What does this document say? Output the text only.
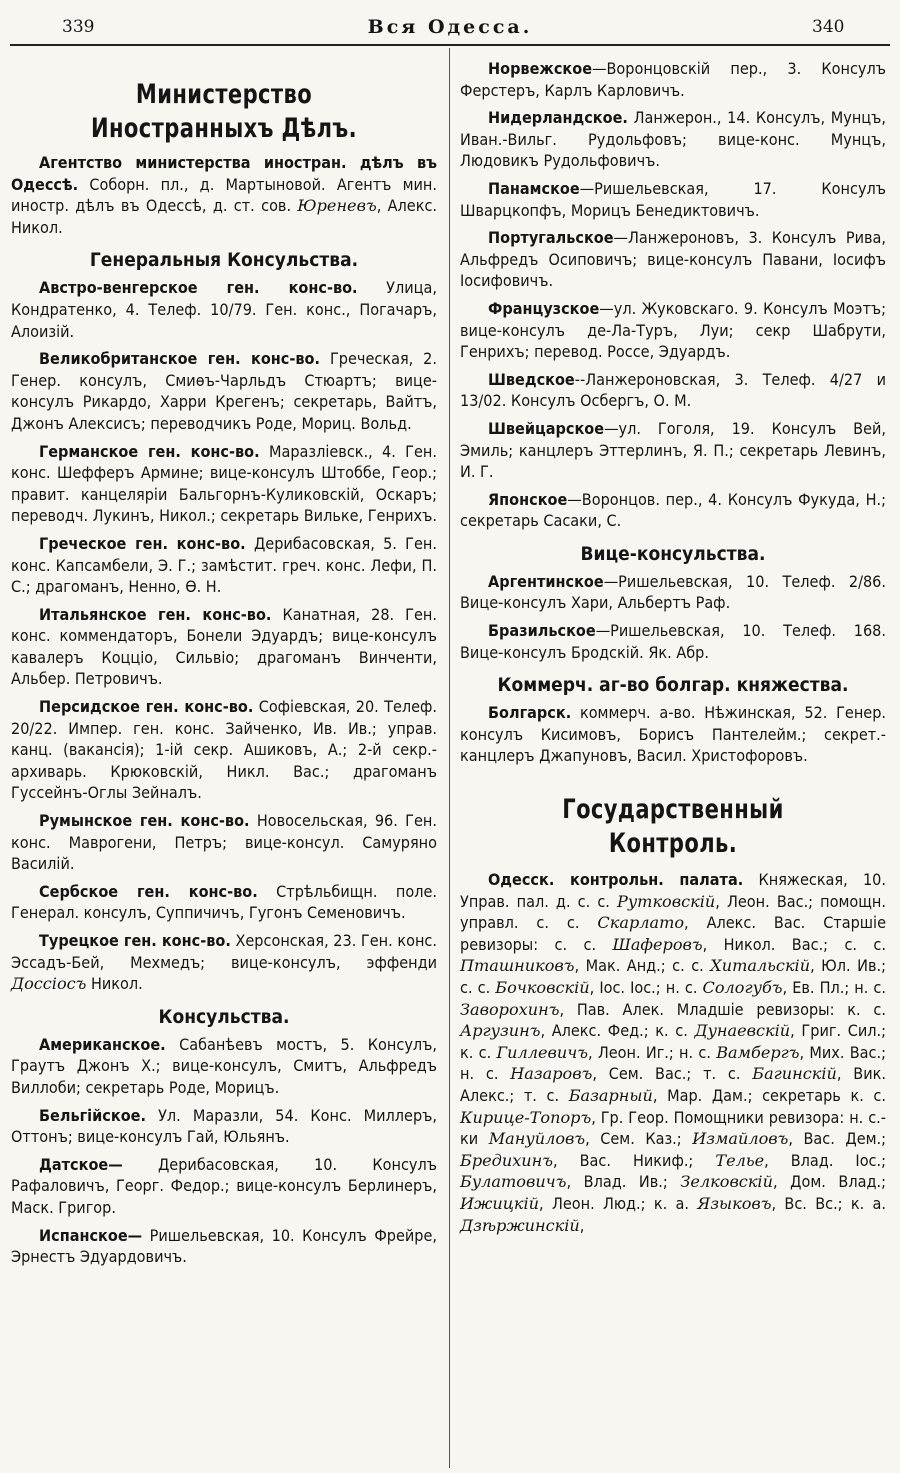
339	Вся Одесса.	340
Министерство Иностранныхъ Дѣлъ.

Агентство министерства иностран. дѣлъ въ Одессѣ. Соборн. пл., д. Мартыновой. Агентъ мин. иностр. дѣлъ въ Одессѣ, д. ст. сов. Юреневъ, Алекс. Никол.

Генеральныя Консульства.

Австро-венгерское ген. конс-во. Улица, Кондратенко, 4. Телеф. 10/79. Ген. конс., Погачаръ, Алоизій.

Великобританское ген. конс-во. Греческая, 2. Генер. консулъ, Смиѳъ-Чарльдъ Стюартъ; вице-консулъ Рикардо, Харри Крегенъ; секретарь, Вайтъ, Джонъ Алексисъ; переводчикъ Роде, Мориц. Вольд.

Германское ген. конс-во. Маразліевск., 4. Ген. конс. Шефферъ Армине; вице-консулъ Штоббе, Геор.; правит. канцеляріи Бальгорнъ-Куликовскій, Оскаръ; переводч. Лукинъ, Никол.; секретарь Вильке, Генрихъ.

Греческое ген. конс-во. Дерибасовская, 5. Ген. конс. Капсамбели, Э. Г.; замѣстит. греч. конс. Лефи, П. С.; драгоманъ, Ненно, Ѳ. Н.

Итальянское ген. конс-во. Канатная, 28. Ген. конс. коммендаторъ, Бонели Эдуардъ; вице-консулъ кавалеръ Коццio, Сильвio; драгоманъ Винченти, Альбер. Петровичъ.

Персидское ген. конс-во. Софіевская, 20. Телеф. 20/22. Импер. ген. конс. Зайченко, Ив. Ив.; управ. канц. (вакансія); 1-ій секр. Ашиковъ, А.; 2-й секр.-архиварь. Крюковскій, Никл. Вас.; драгоманъ Гуссейнъ-Оглы Зейналъ.

Румынское ген. конс-во. Новосельская, 96. Ген. конс. Маврогени, Петръ; вице-консул. Самуряно Василій.

Сербское ген. конс-во. Стрѣльбищн. поле. Генерал. консулъ, Суппичичъ, Гугонъ Семеновичъ.

Турецкое ген. конс-во. Херсонская, 23. Ген. конс. Эссадъ-Бей, Мехмедъ; вице-консулъ, эффенди Доссіосъ Никол.

Консульства.

Американское. Сабанѣевъ мостъ, 5. Консулъ, Граутъ Джонъ Х.; вице-консулъ, Смитъ, Альфредъ Виллоби; секретарь Роде, Морицъ.

Бельгійское. Ул. Маразли, 54. Конс. Миллеръ, Оттонъ; вице-консулъ Гай, Юльянъ.

Датское— Дерибасовская, 10. Консулъ Рафаловичъ, Георг. Федор.; вице-консулъ Берлинеръ, Маск. Григор.

Испанское— Ришельевская, 10. Консулъ Фрейре, Эрнестъ Эдуардовичъ.

Норвежское—Воронцовскій пер., 3. Консулъ Ферстеръ, Карлъ Карловичъ.

Нидерландское. Ланжерон., 14. Консулъ, Мунцъ, Иван.-Вильг. Рудольфовъ; вице-конс. Мунцъ, Людовикъ Рудольфовичъ.

Панамское—Ришельевская, 17. Консулъ Шварцкопфъ, Морицъ Бенедиктовичъ.

Португальское—Ланжероновъ, 3. Консулъ Рива, Альфредъ Осиповичъ; вице-консулъ Павани, Іосифъ Іосифовичъ.

Французское—ул. Жуковскаго. 9. Консулъ Моэтъ; вице-консулъ де-Ла-Туръ, Луи; секр Шабрути, Генрихъ; перевод. Россе, Эдуардъ.

Шведское--Ланжероновская, 3. Телеф. 4/27 и 13/02. Консулъ Осбергъ, О. М.

Швейцарское—ул. Гоголя, 19. Консулъ Вей, Эмиль; канцлеръ Эттерлинъ, Я. П.; секретарь Левинъ, И. Г.

Японское—Воронцов. пер., 4. Консулъ Фукуда, Н.; секретарь Сасаки, С.

Вице-консульства.

Аргентинское—Ришельевская, 10. Телеф. 2/86. Вице-консулъ Хари, Альбертъ Раф.

Бразильское—Ришельевская, 10. Телеф. 168. Вице-консулъ Бродскій. Як. Абр.

Коммерч. аг-во болгар. княжества.

Болгарск. коммерч. а-во. Нѣжинская, 52. Генер. консулъ Кисимовъ, Борисъ Пантелейм.; секрет.-канцлеръ Джапуновъ, Васил. Христофоровъ.

Государственный Контроль.

Одесск. контрольн. палата. Княжеская, 10. Управ. пал. д. с. с. Рутковскій, Леон. Вас.; помощн. управл. с. с. Скарлато, Алекс. Вас. Старшіе ревизоры: с. с. Шаферовъ, Никол. Вас.; с. с. Пташниковъ, Мак. Анд.; с. с. Хитальскій, Юл. Ив.; с. с. Бочковскій, Іос. Іос.; н. с. Сологубъ, Ев. Пл.; н. с. Заворохинъ, Пав. Алек. Младшіе ревизоры: к. с. Аргузинъ, Алекс. Фед.; к. с. Дунаевскій, Григ. Сил.; к. с. Гиллевичъ, Леон. Иг.; н. с. Вамбергъ, Мих. Вас.; н. с. Назаровъ, Сем. Вас.; т. с. Багинскій, Вик. Алекс.; т. с. Базарный, Мар. Дам.; секретарь к. с. Кирице-Топоръ, Гр. Геор. Помощники ревизора: н. с.-ки Мануйловъ, Сем. Каз.; Измайловъ, Вас. Дем.; Бредихинъ, Вас. Никиф.; Телье, Влад. Іос.; Булатовичъ, Влад. Ив.; Зелковскій, Дом. Влад.; Ижицкій, Леон. Люд.; к. а. Языковъ, Вс. Вс.; к. а. Дзѣржинскій,
